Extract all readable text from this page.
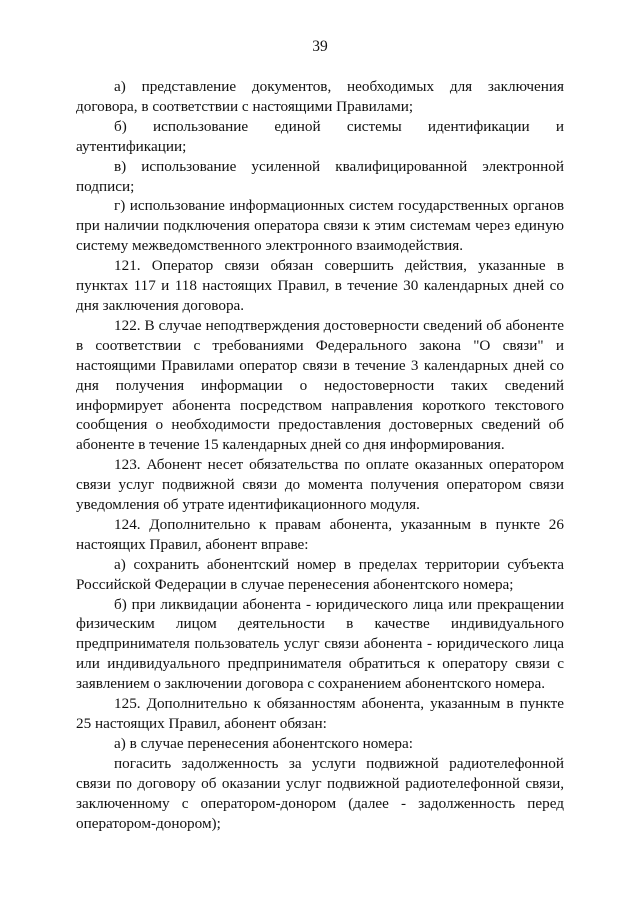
39

а) представление документов, необходимых для заключения договора, в соответствии с настоящими Правилами;

б) использование единой системы идентификации и аутентификации;

в) использование усиленной квалифицированной электронной подписи;

г) использование информационных систем государственных органов при наличии подключения оператора связи к этим системам через единую систему межведомственного электронного взаимодействия.

121. Оператор связи обязан совершить действия, указанные в пунктах 117 и 118 настоящих Правил, в течение 30 календарных дней со дня заключения договора.

122. В случае неподтверждения достоверности сведений об абоненте в соответствии с требованиями Федерального закона "О связи" и настоящими Правилами оператор связи в течение 3 календарных дней со дня получения информации о недостоверности таких сведений информирует абонента посредством направления короткого текстового сообщения о необходимости предоставления достоверных сведений об абоненте в течение 15 календарных дней со дня информирования.

123. Абонент несет обязательства по оплате оказанных оператором связи услуг подвижной связи до момента получения оператором связи уведомления об утрате идентификационного модуля.

124. Дополнительно к правам абонента, указанным в пункте 26 настоящих Правил, абонент вправе:

а) сохранить абонентский номер в пределах территории субъекта Российской Федерации в случае перенесения абонентского номера;

б) при ликвидации абонента - юридического лица или прекращении физическим лицом деятельности в качестве индивидуального предпринимателя пользователь услуг связи абонента - юридического лица или индивидуального предпринимателя обратиться к оператору связи с заявлением о заключении договора с сохранением абонентского номера.

125. Дополнительно к обязанностям абонента, указанным в пункте 25 настоящих Правил, абонент обязан:

а) в случае перенесения абонентского номера:

погасить задолженность за услуги подвижной радиотелефонной связи по договору об оказании услуг подвижной радиотелефонной связи, заключенному с оператором-донором (далее - задолженность перед оператором-донором);
